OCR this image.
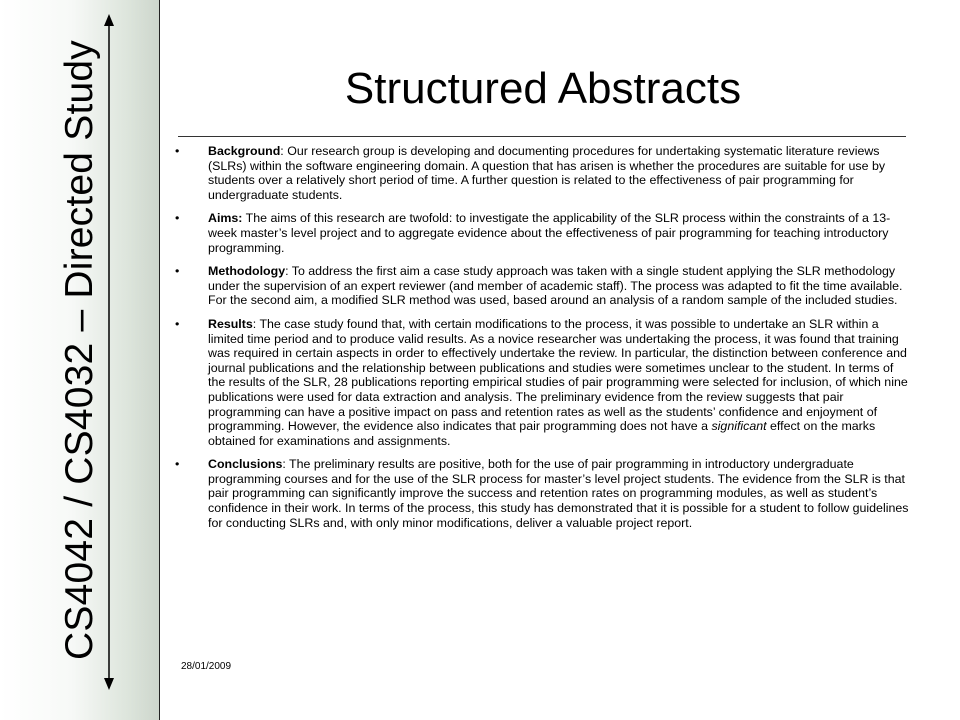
CS4042 / CS4032 – Directed Study	Structured Abstracts
• Background: Our research group is developing and documenting procedures for undertaking systematic literature reviews (SLRs) within the software engineering domain. A question that has arisen is whether the procedures are suitable for use by students over a relatively short period of time. A further question is related to the effectiveness of pair programming for undergraduate students.
• Aims: The aims of this research are twofold: to investigate the applicability of the SLR process within the constraints of a 13-week master’s level project and to aggregate evidence about the effectiveness of pair programming for teaching introductory programming.
• Methodology: To address the first aim a case study approach was taken with a single student applying the SLR methodology under the supervision of an expert reviewer (and member of academic staff). The process was adapted to fit the time available. For the second aim, a modified SLR method was used, based around an analysis of a random sample of the included studies.
• Results: The case study found that, with certain modifications to the process, it was possible to undertake an SLR within a limited time period and to produce valid results. As a novice researcher was undertaking the process, it was found that training was required in certain aspects in order to effectively undertake the review. In particular, the distinction between conference and journal publications and the relationship between publications and studies were sometimes unclear to the student. In terms of the results of the SLR, 28 publications reporting empirical studies of pair programming were selected for inclusion, of which nine publications were used for data extraction and analysis. The preliminary evidence from the review suggests that pair programming can have a positive impact on pass and retention rates as well as the students’ confidence and enjoyment of programming. However, the evidence also indicates that pair programming does not have a significant effect on the marks obtained for examinations and assignments.
• Conclusions: The preliminary results are positive, both for the use of pair programming in introductory undergraduate programming courses and for the use of the SLR process for master’s level project students. The evidence from the SLR is that pair programming can significantly improve the success and retention rates on programming modules, as well as student’s confidence in their work. In terms of the process, this study has demonstrated that it is possible for a student to follow guidelines for conducting SLRs and, with only minor modifications, deliver a valuable project report.
28/01/2009
